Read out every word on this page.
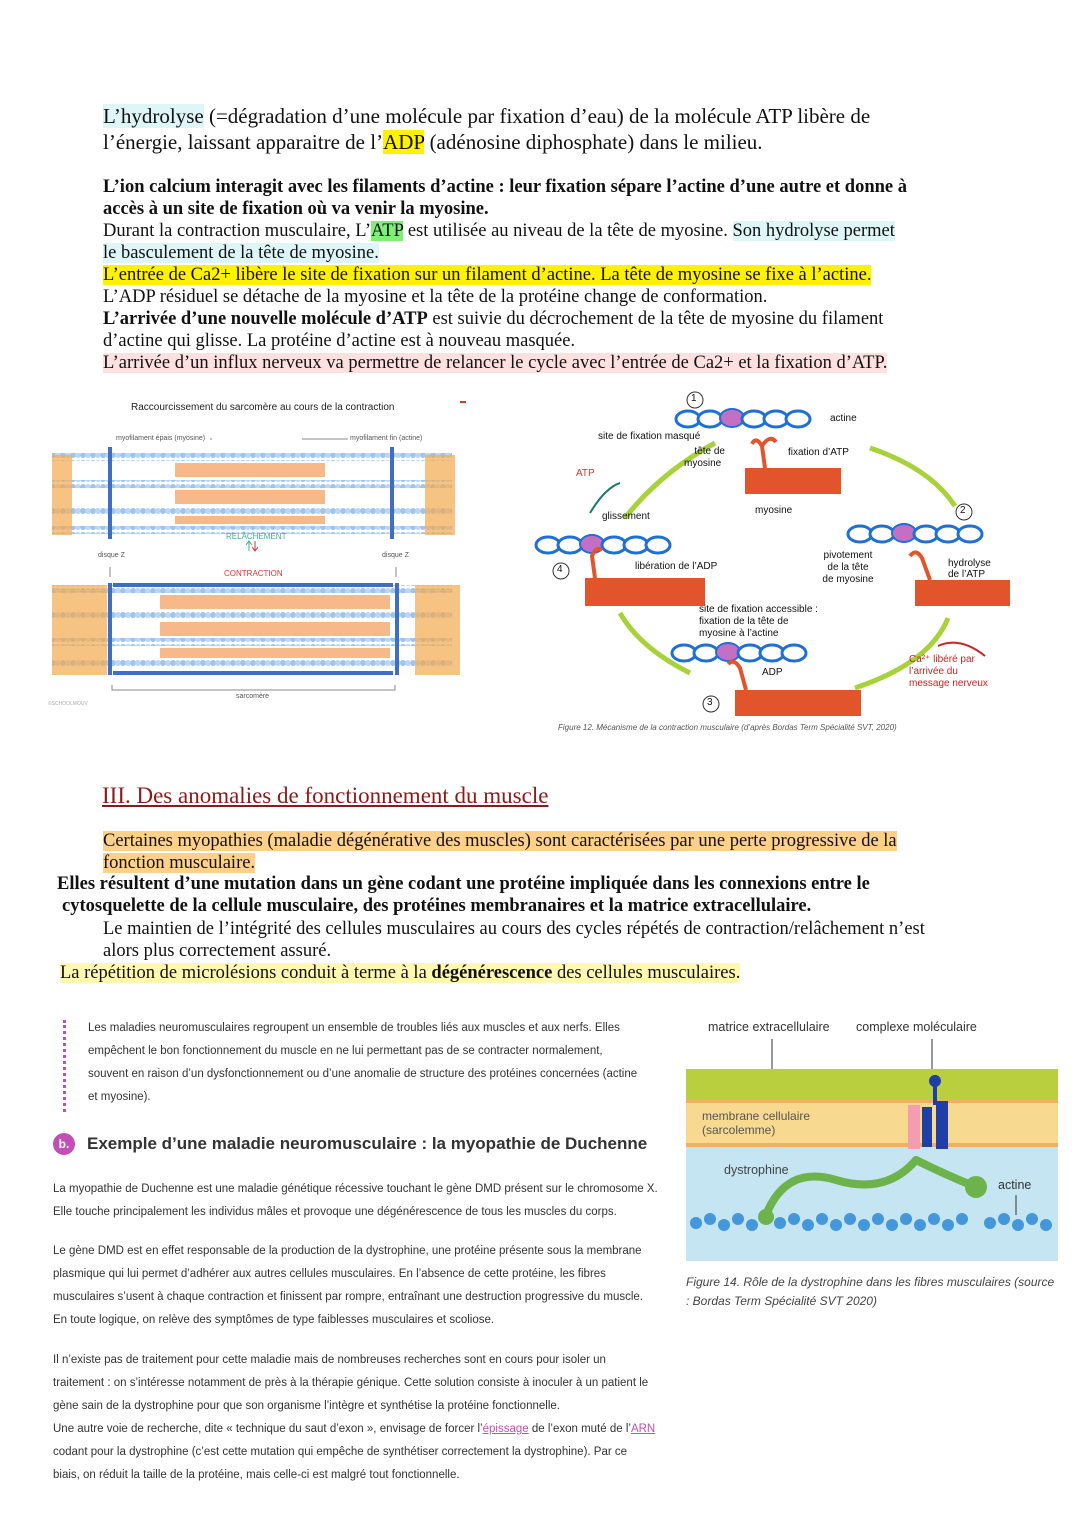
L’hydrolyse (=dégradation d’une molécule par fixation d’eau) de la molécule ATP libère de
l’énergie, laissant apparaitre de l’ADP (adénosine diphosphate) dans le milieu.
L’ion calcium interagit avec les filaments d’actine : leur fixation sépare l’actine d’une autre et donne à
accès à un site de fixation où va venir la myosine.
Durant la contraction musculaire, L’ATP est utilisée au niveau de la tête de myosine. Son hydrolyse permet
le basculement de la tête de myosine.
L’entrée de Ca2+ libère le site de fixation sur un filament d’actine. La tête de myosine se fixe à l’actine.
L’ADP résiduel se détache de la myosine et la tête de la protéine change de conformation.
L’arrivée d’une nouvelle molécule d’ATP est suivie du décrochement de la tête de myosine du filament
d’actine qui glisse. La protéine d’actine est à nouveau masquée.
L’arrivée d’un influx nerveux va permettre de relancer le cycle avec l’entrée de Ca2+ et la fixation d’ATP.
Raccourcissement du sarcomère au cours de la contraction
myofilament épais (myosine)	myofilament fin (actine)
RELÂCHEMENT
CONTRACTION
disque Z	disque Z
sarcomère
©SCHOOLMOUV
1
2
3
4
actine
site de fixation masqué
tête de
myosine
fixation d’ATP
ATP
myosine
glissement
libération de l’ADP
pivotement
de la tête
de myosine
hydrolyse
de l’ATP
site de fixation accessible :
fixation de la tête de
myosine à l’actine
ADP
Ca²⁺ libéré par
l’arrivée du
message nerveux
Figure 12. Mécanisme de la contraction musculaire (d’après Bordas Term Spécialité SVT, 2020)
III. Des anomalies de fonctionnement du muscle
Certaines myopathies (maladie dégénérative des muscles) sont caractérisées par une perte progressive de la
fonction musculaire.
Elles résultent d’une mutation dans un gène codant une protéine impliquée dans les connexions entre le
cytosquelette de la cellule musculaire, des protéines membranaires et la matrice extracellulaire.
Le maintien de l’intégrité des cellules musculaires au cours des cycles répétés de contraction/relâchement n’est
alors plus correctement assuré.
La répétition de microlésions conduit à terme à la dégénérescence des cellules musculaires.
Les maladies neuromusculaires regroupent un ensemble de troubles liés aux muscles et aux nerfs. Elles
empêchent le bon fonctionnement du muscle en ne lui permettant pas de se contracter normalement,
souvent en raison d’un dysfonctionnement ou d’une anomalie de structure des protéines concernées (actine
et myosine).
b.	Exemple d’une maladie neuromusculaire : la myopathie de Duchenne
La myopathie de Duchenne est une maladie génétique récessive touchant le gène DMD présent sur le chromosome X.
Elle touche principalement les individus mâles et provoque une dégénérescence de tous les muscles du corps.
Le gène DMD est en effet responsable de la production de la dystrophine, une protéine présente sous la membrane
plasmique qui lui permet d’adhérer aux autres cellules musculaires. En l’absence de cette protéine, les fibres
musculaires s’usent à chaque contraction et finissent par rompre, entraînant une destruction progressive du muscle.
En toute logique, on relève des symptômes de type faiblesses musculaires et scoliose.
Il n’existe pas de traitement pour cette maladie mais de nombreuses recherches sont en cours pour isoler un
traitement : on s’intéresse notamment de près à la thérapie génique. Cette solution consiste à inoculer à un patient le
gène sain de la dystrophine pour que son organisme l’intègre et synthétise la protéine fonctionnelle.
Une autre voie de recherche, dite « technique du saut d’exon », envisage de forcer l’épissage de l’exon muté de l’ARN
codant pour la dystrophine (c’est cette mutation qui empêche de synthétiser correctement la dystrophine). Par ce
biais, on réduit la taille de la protéine, mais celle-ci est malgré tout fonctionnelle.
matrice extracellulaire complexe moléculaire
membrane cellulaire
(sarcolemme)
dystrophine
actine
Figure 14. Rôle de la dystrophine dans les fibres musculaires (source
: Bordas Term Spécialité SVT 2020)
